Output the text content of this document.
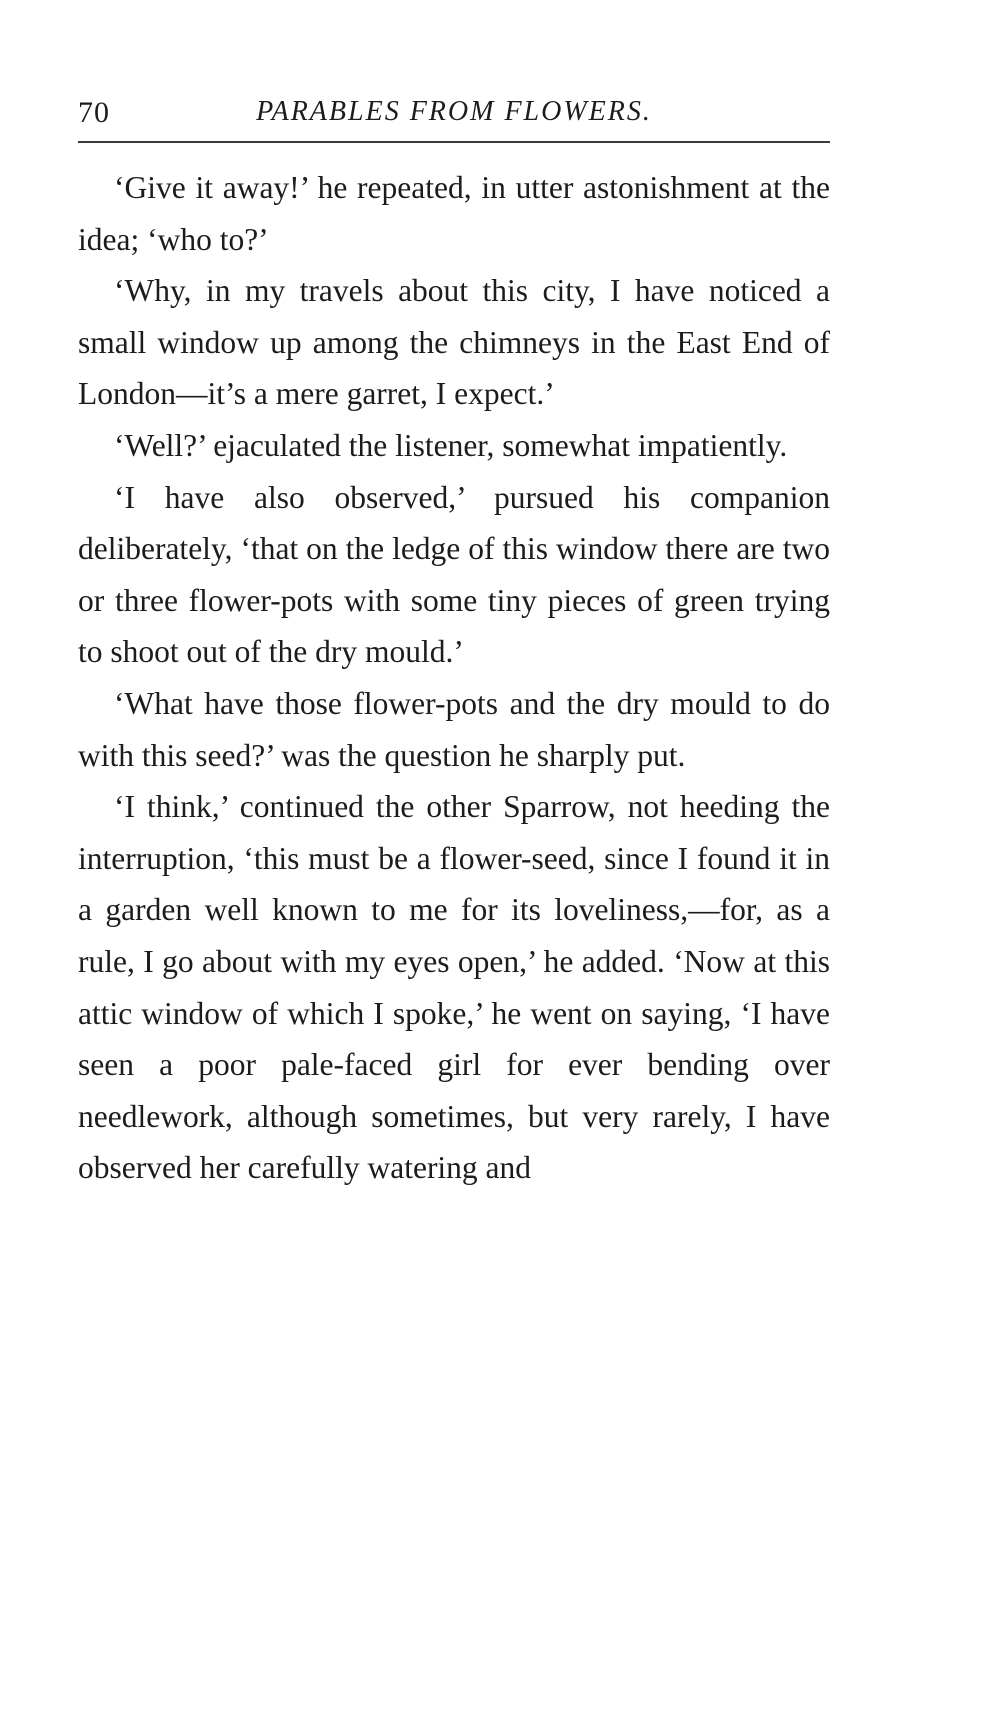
70	PARABLES FROM FLOWERS.

‘Give it away!’ he repeated, in utter astonishment at the idea; ‘who to?’

‘Why, in my travels about this city, I have noticed a small window up among the chimneys in the East End of London—it’s a mere garret, I expect.’

‘Well?’ ejaculated the listener, somewhat impatiently.

‘I have also observed,’ pursued his companion deliberately, ‘that on the ledge of this window there are two or three flower-pots with some tiny pieces of green trying to shoot out of the dry mould.’

‘What have those flower-pots and the dry mould to do with this seed?’ was the question he sharply put.

‘I think,’ continued the other Sparrow, not heeding the interruption, ‘this must be a flower-seed, since I found it in a garden well known to me for its loveliness,—for, as a rule, I go about with my eyes open,’ he added. ‘Now at this attic window of which I spoke,’ he went on saying, ‘I have seen a poor pale-faced girl for ever bending over needlework, although sometimes, but very rarely, I have observed her carefully watering and
